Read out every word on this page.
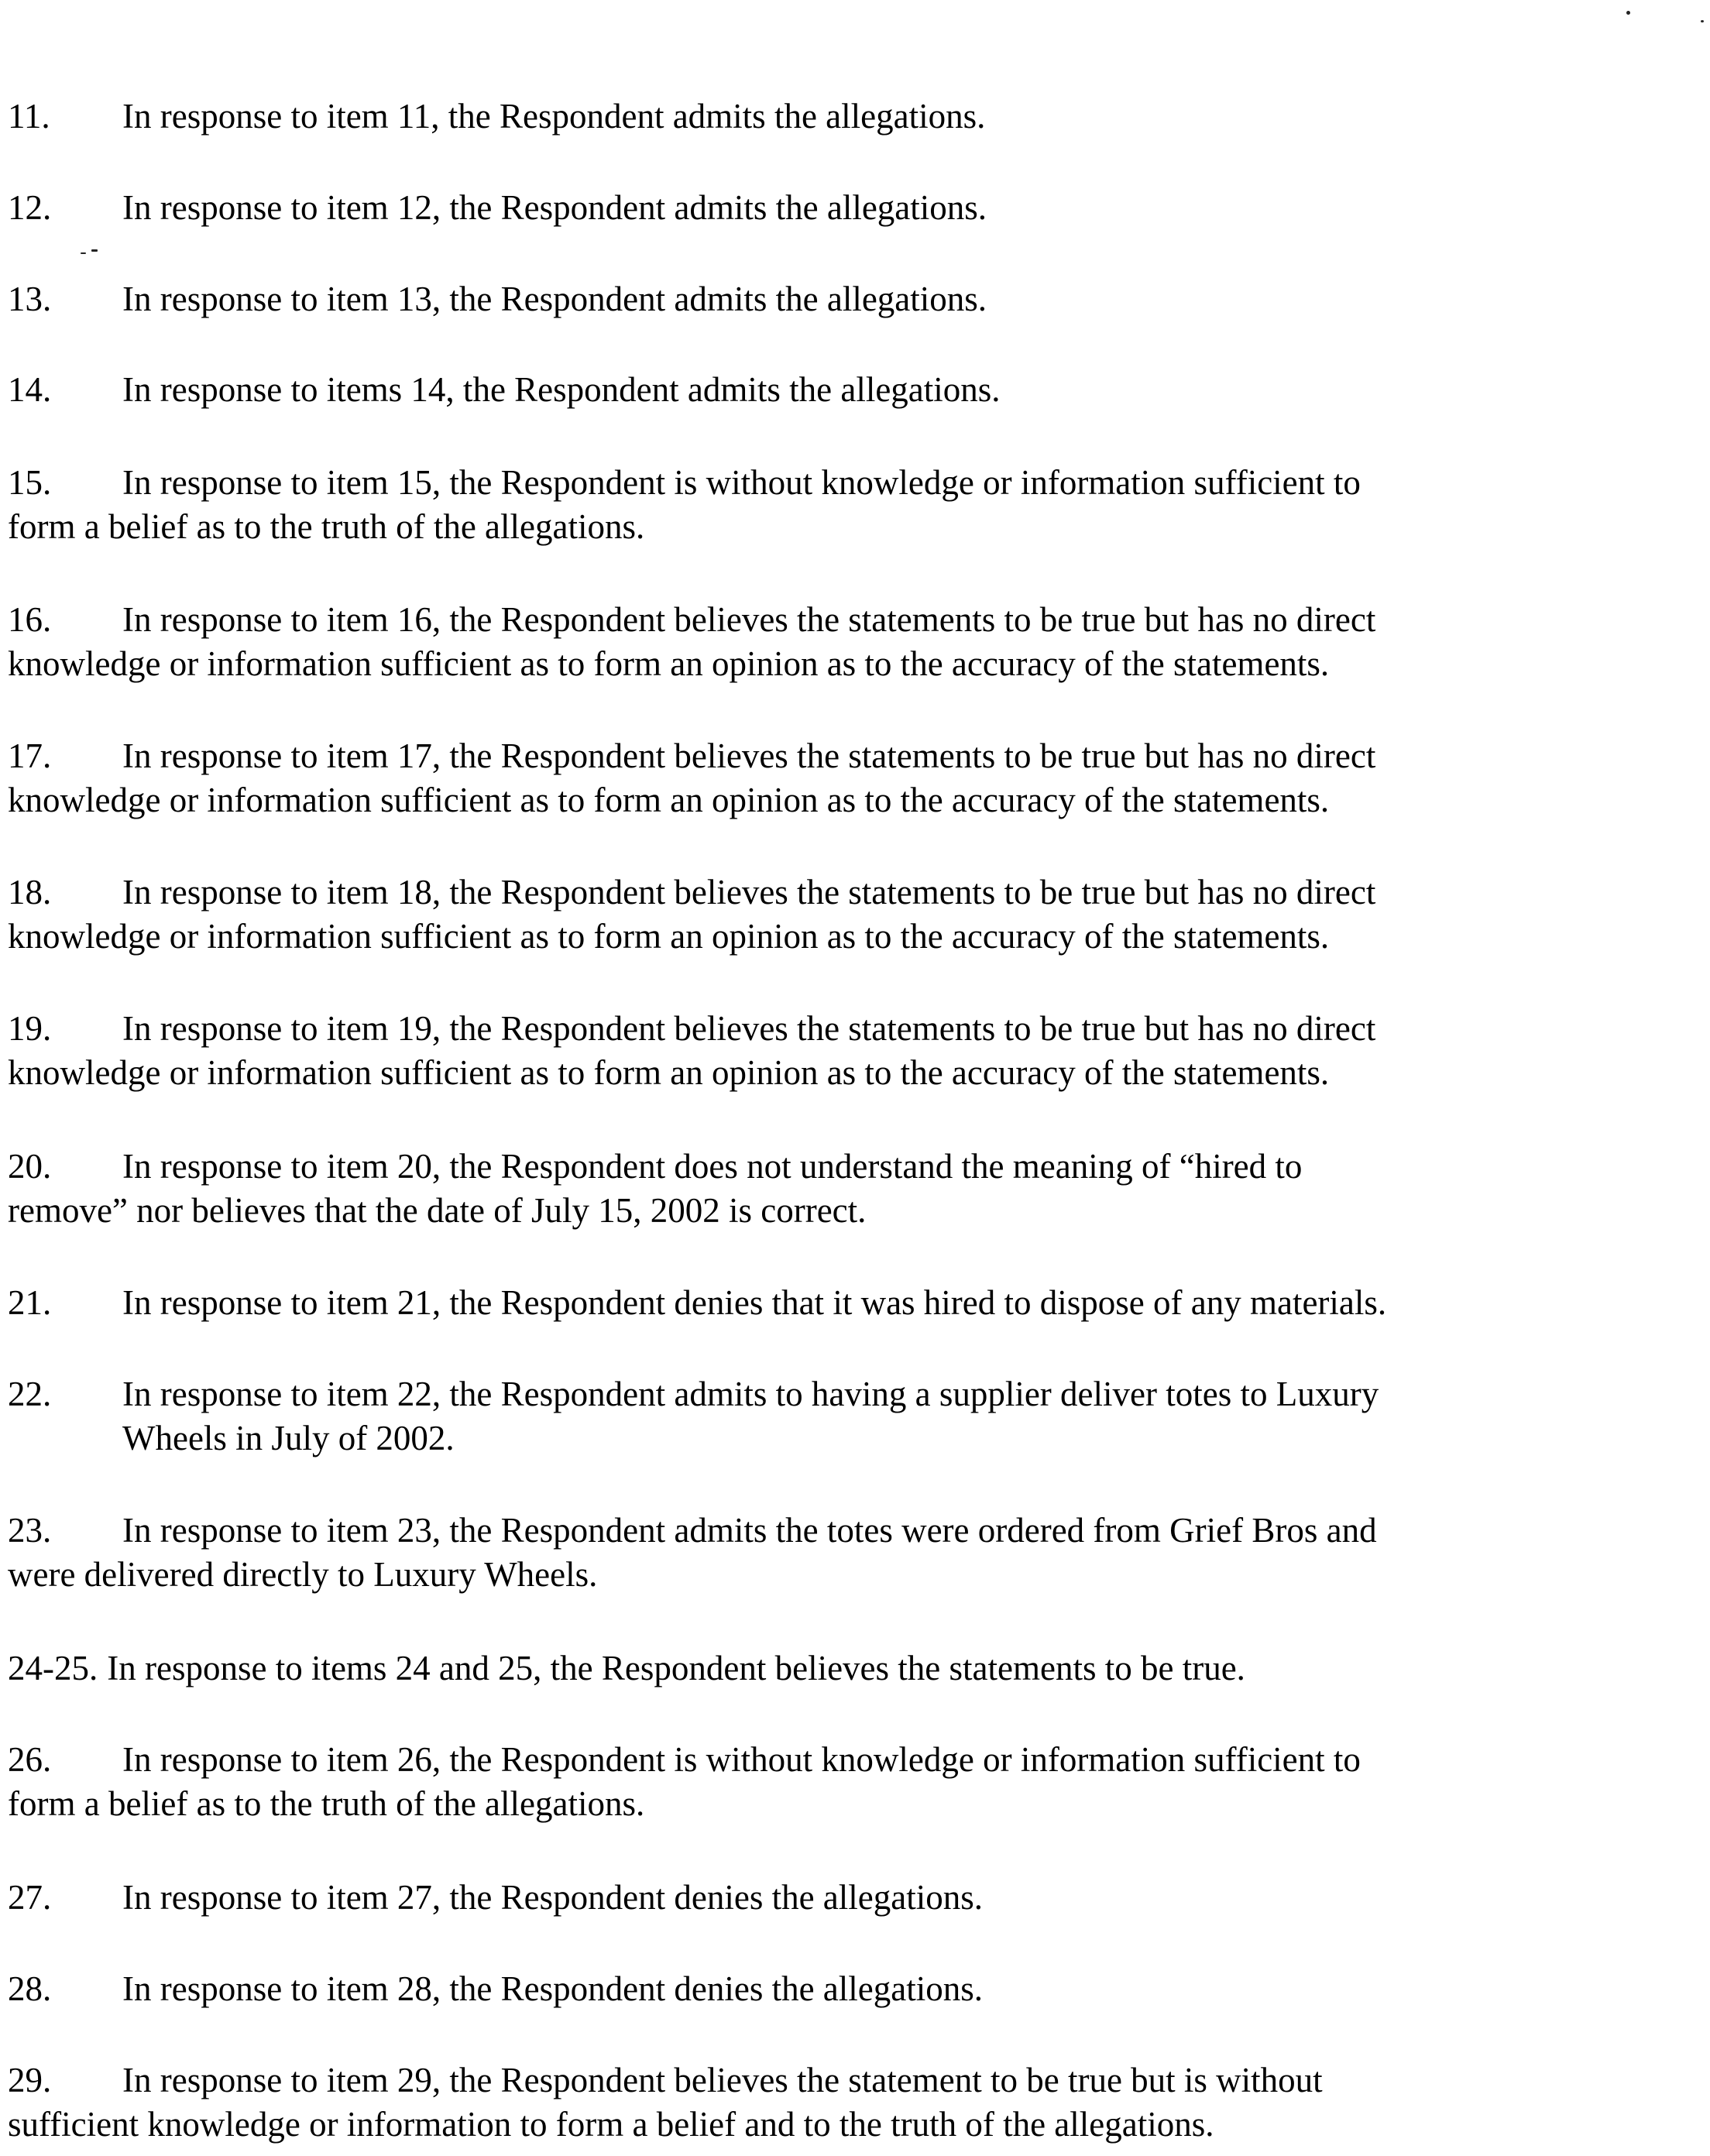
11. In response to item 11, the Respondent admits the allegations.

12. In response to item 12, the Respondent admits the allegations.

13. In response to item 13, the Respondent admits the allegations.

14. In response to items 14, the Respondent admits the allegations.

15. In response to item 15, the Respondent is without knowledge or information sufficient to
form a belief as to the truth of the allegations.

16. In response to item 16, the Respondent believes the statements to be true but has no direct
knowledge or information sufficient as to form an opinion as to the accuracy of the statements.

17. In response to item 17, the Respondent believes the statements to be true but has no direct
knowledge or information sufficient as to form an opinion as to the accuracy of the statements.

18. In response to item 18, the Respondent believes the statements to be true but has no direct
knowledge or information sufficient as to form an opinion as to the accuracy of the statements.

19. In response to item 19, the Respondent believes the statements to be true but has no direct
knowledge or information sufficient as to form an opinion as to the accuracy of the statements.

20. In response to item 20, the Respondent does not understand the meaning of “hired to
remove” nor believes that the date of July 15, 2002 is correct.

21. In response to item 21, the Respondent denies that it was hired to dispose of any materials.

22. In response to item 22, the Respondent admits to having a supplier deliver totes to Luxury
Wheels in July of 2002.

23. In response to item 23, the Respondent admits the totes were ordered from Grief Bros and
were delivered directly to Luxury Wheels.

24-25. In response to items 24 and 25, the Respondent believes the statements to be true.

26. In response to item 26, the Respondent is without knowledge or information sufficient to
form a belief as to the truth of the allegations.

27. In response to item 27, the Respondent denies the allegations.

28. In response to item 28, the Respondent denies the allegations.

29. In response to item 29, the Respondent believes the statement to be true but is without
sufficient knowledge or information to form a belief and to the truth of the allegations.
